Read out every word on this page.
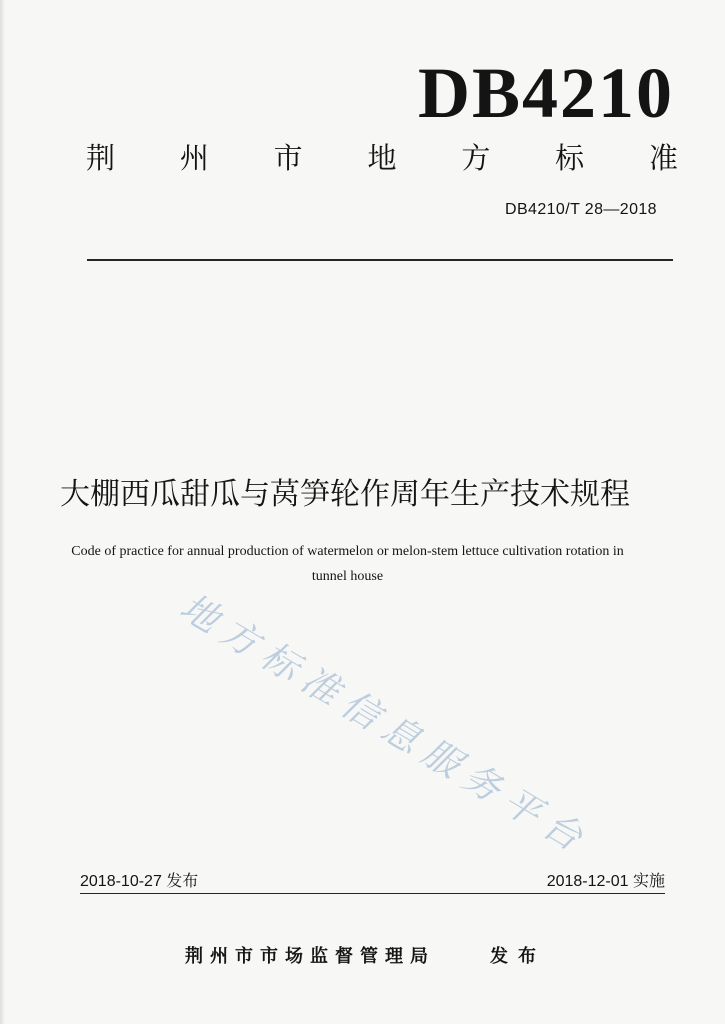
DB4210
荆 州 市 地 方 标 准
DB4210/T 28—2018
大棚西瓜甜瓜与莴笋轮作周年生产技术规程
Code of practice for annual production of watermelon or melon-stem lettuce cultivation rotation in
tunnel house
地方标准信息服务平台
2018-10-27 发布	2018-12-01 实施
荆州市市场监督管理局	发布
